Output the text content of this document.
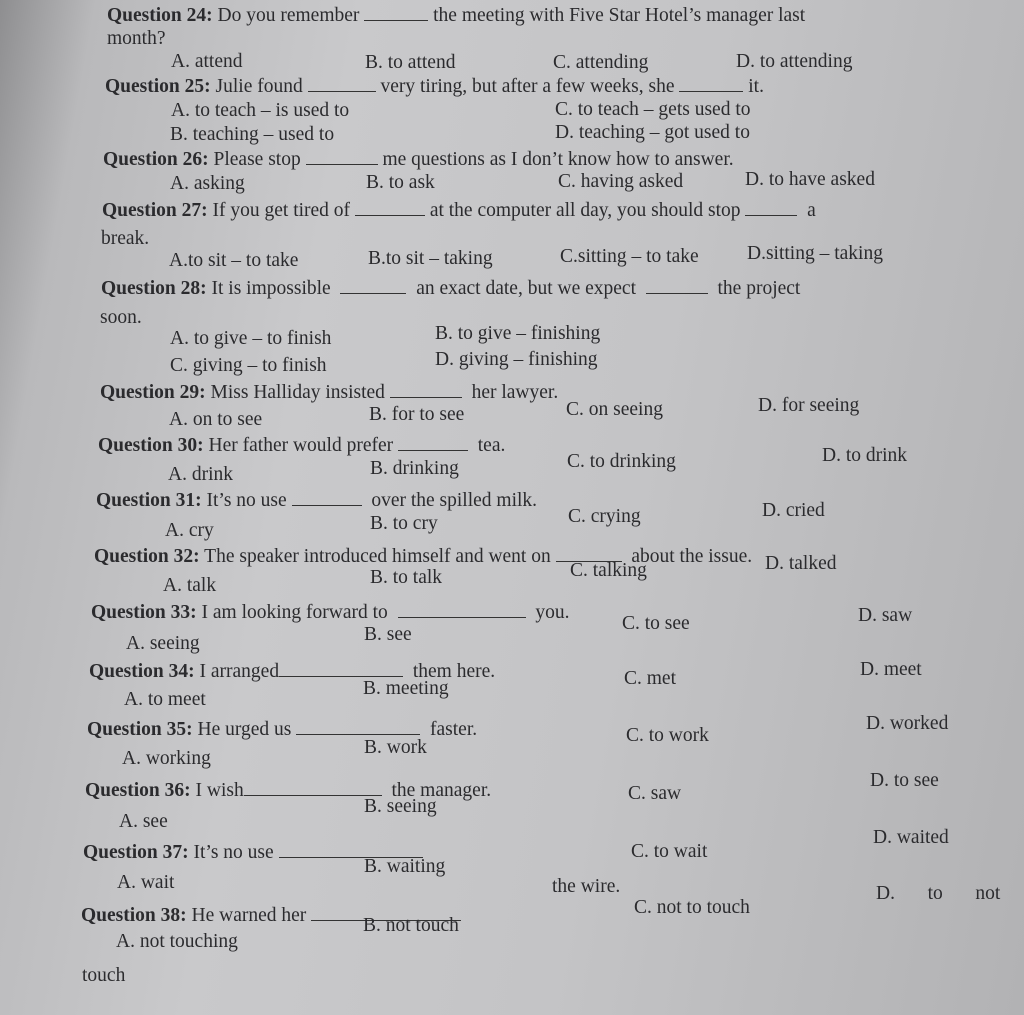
Question 24: Do you remember	the meeting with Five Star Hotel’s manager last
month?
A. attend	B. to attend	C. attending	D. to attending
Question 25: Julie found	very tiring, but after a few weeks, she	it.
A. to teach – is used to	C. to teach – gets used to
B. teaching – used to	D. teaching – got used to
Question 26: Please stop	me questions as I don’t know how to answer.
A. asking	B. to ask	C. having asked	D. to have asked
Question 27: If you get tired of	at the computer all day, you should stop	a
break.
A.to sit – to take	B.to sit – taking	C.sitting – to take D.sitting – taking
Question 28: It is impossible	an exact date, but we expect	the project
soon.
A. to give – to finish	B. to give – finishing
C. giving – to finish	D. giving – finishing
Question 29: Miss Halliday insisted	her lawyer.
A. on to see	B. for to see	C. on seeing	D. for seeing
Question 30: Her father would prefer	tea.
A. drink	B. drinking	C. to drinking	D. to drink
Question 31: It’s no use	over the spilled milk.
A. cry	B. to cry	C. crying	D. cried
Question 32: The speaker introduced himself and went on	about the issue.
A. talk	B. to talk	C. talking	D. talked
Question 33: I am looking forward to	you.
A. seeing	B. see
C. to see	D. saw
Question 34: I arranged	them here.
A. to meet
B. meeting	C. met	D. meet
Question 35: He urged us	faster.
A. working
B. work
C. to work
D. worked
Question 36: I wish	the manager.
A. see
B. seeing
C. saw
D. to see
Question 37: It’s no use
A. wait
B. waiting
C. to wait
D. waited
Question 38: He warned her
the wire.
A. not touching
B. not touch
C. not to touch
D.   to   not
touch
